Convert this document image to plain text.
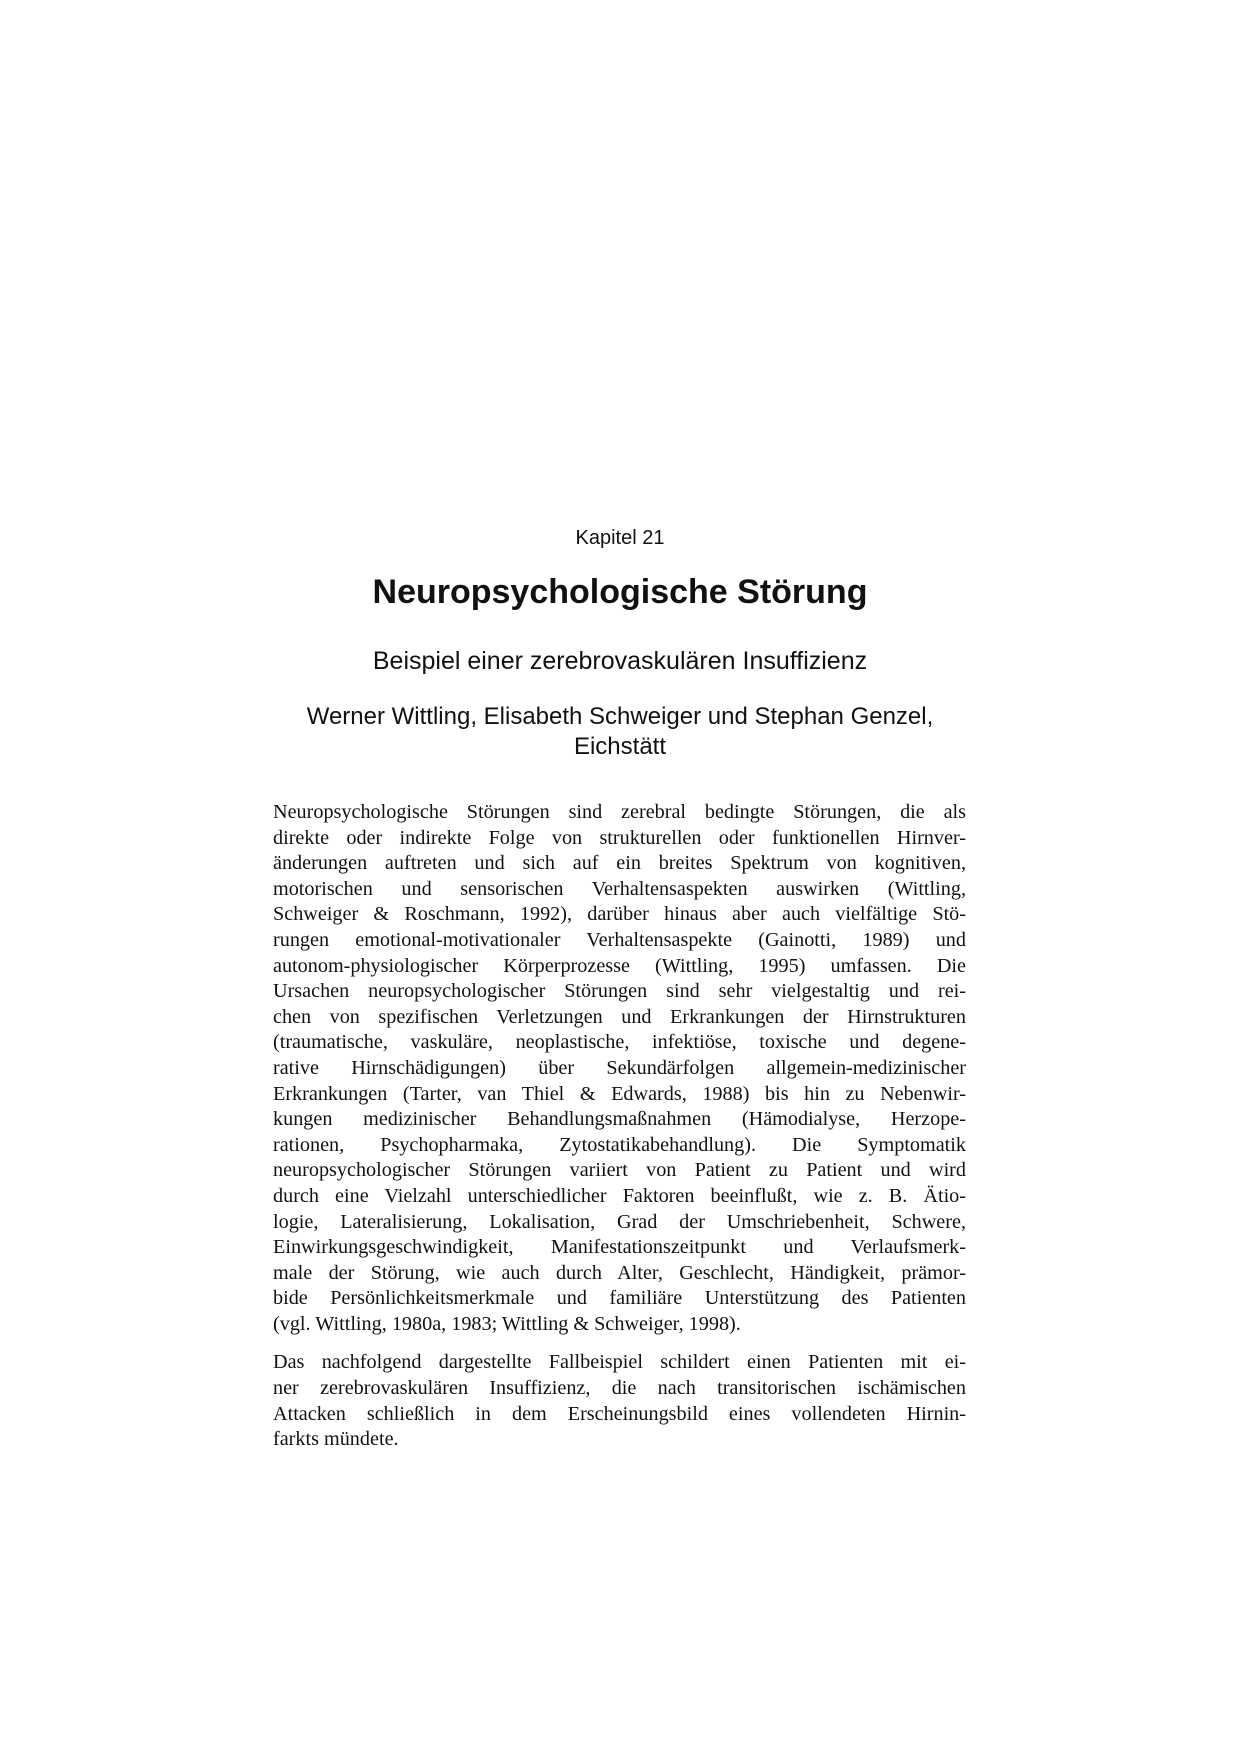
Kapitel 21
Neuropsychologische Störung
Beispiel einer zerebrovaskulären Insuffizienz
Werner Wittling, Elisabeth Schweiger und Stephan Genzel,
Eichstätt

Neuropsychologische Störungen sind zerebral bedingte Störungen, die als
direkte oder indirekte Folge von strukturellen oder funktionellen Hirnver-
änderungen auftreten und sich auf ein breites Spektrum von kognitiven,
motorischen und sensorischen Verhaltensaspekten auswirken (Wittling,
Schweiger & Roschmann, 1992), darüber hinaus aber auch vielfältige Stö-
rungen emotional-motivationaler Verhaltensaspekte (Gainotti, 1989) und
autonom-physiologischer Körperprozesse (Wittling, 1995) umfassen. Die
Ursachen neuropsychologischer Störungen sind sehr vielgestaltig und rei-
chen von spezifischen Verletzungen und Erkrankungen der Hirnstrukturen
(traumatische, vaskuläre, neoplastische, infektiöse, toxische und degene-
rative Hirnschädigungen) über Sekundärfolgen allgemein-medizinischer
Erkrankungen (Tarter, van Thiel & Edwards, 1988) bis hin zu Nebenwir-
kungen medizinischer Behandlungsmaßnahmen (Hämodialyse, Herzope-
rationen, Psychopharmaka, Zytostatikabehandlung). Die Symptomatik
neuropsychologischer Störungen variiert von Patient zu Patient und wird
durch eine Vielzahl unterschiedlicher Faktoren beeinflußt, wie z. B. Ätio-
logie, Lateralisierung, Lokalisation, Grad der Umschriebenheit, Schwere,
Einwirkungsgeschwindigkeit, Manifestationszeitpunkt und Verlaufsmerk-
male der Störung, wie auch durch Alter, Geschlecht, Händigkeit, prämor-
bide Persönlichkeitsmerkmale und familiäre Unterstützung des Patienten
(vgl. Wittling, 1980a, 1983; Wittling & Schweiger, 1998).

Das nachfolgend dargestellte Fallbeispiel schildert einen Patienten mit ei-
ner zerebrovaskulären Insuffizienz, die nach transitorischen ischämischen
Attacken schließlich in dem Erscheinungsbild eines vollendeten Hirnin-
farkts mündete.
